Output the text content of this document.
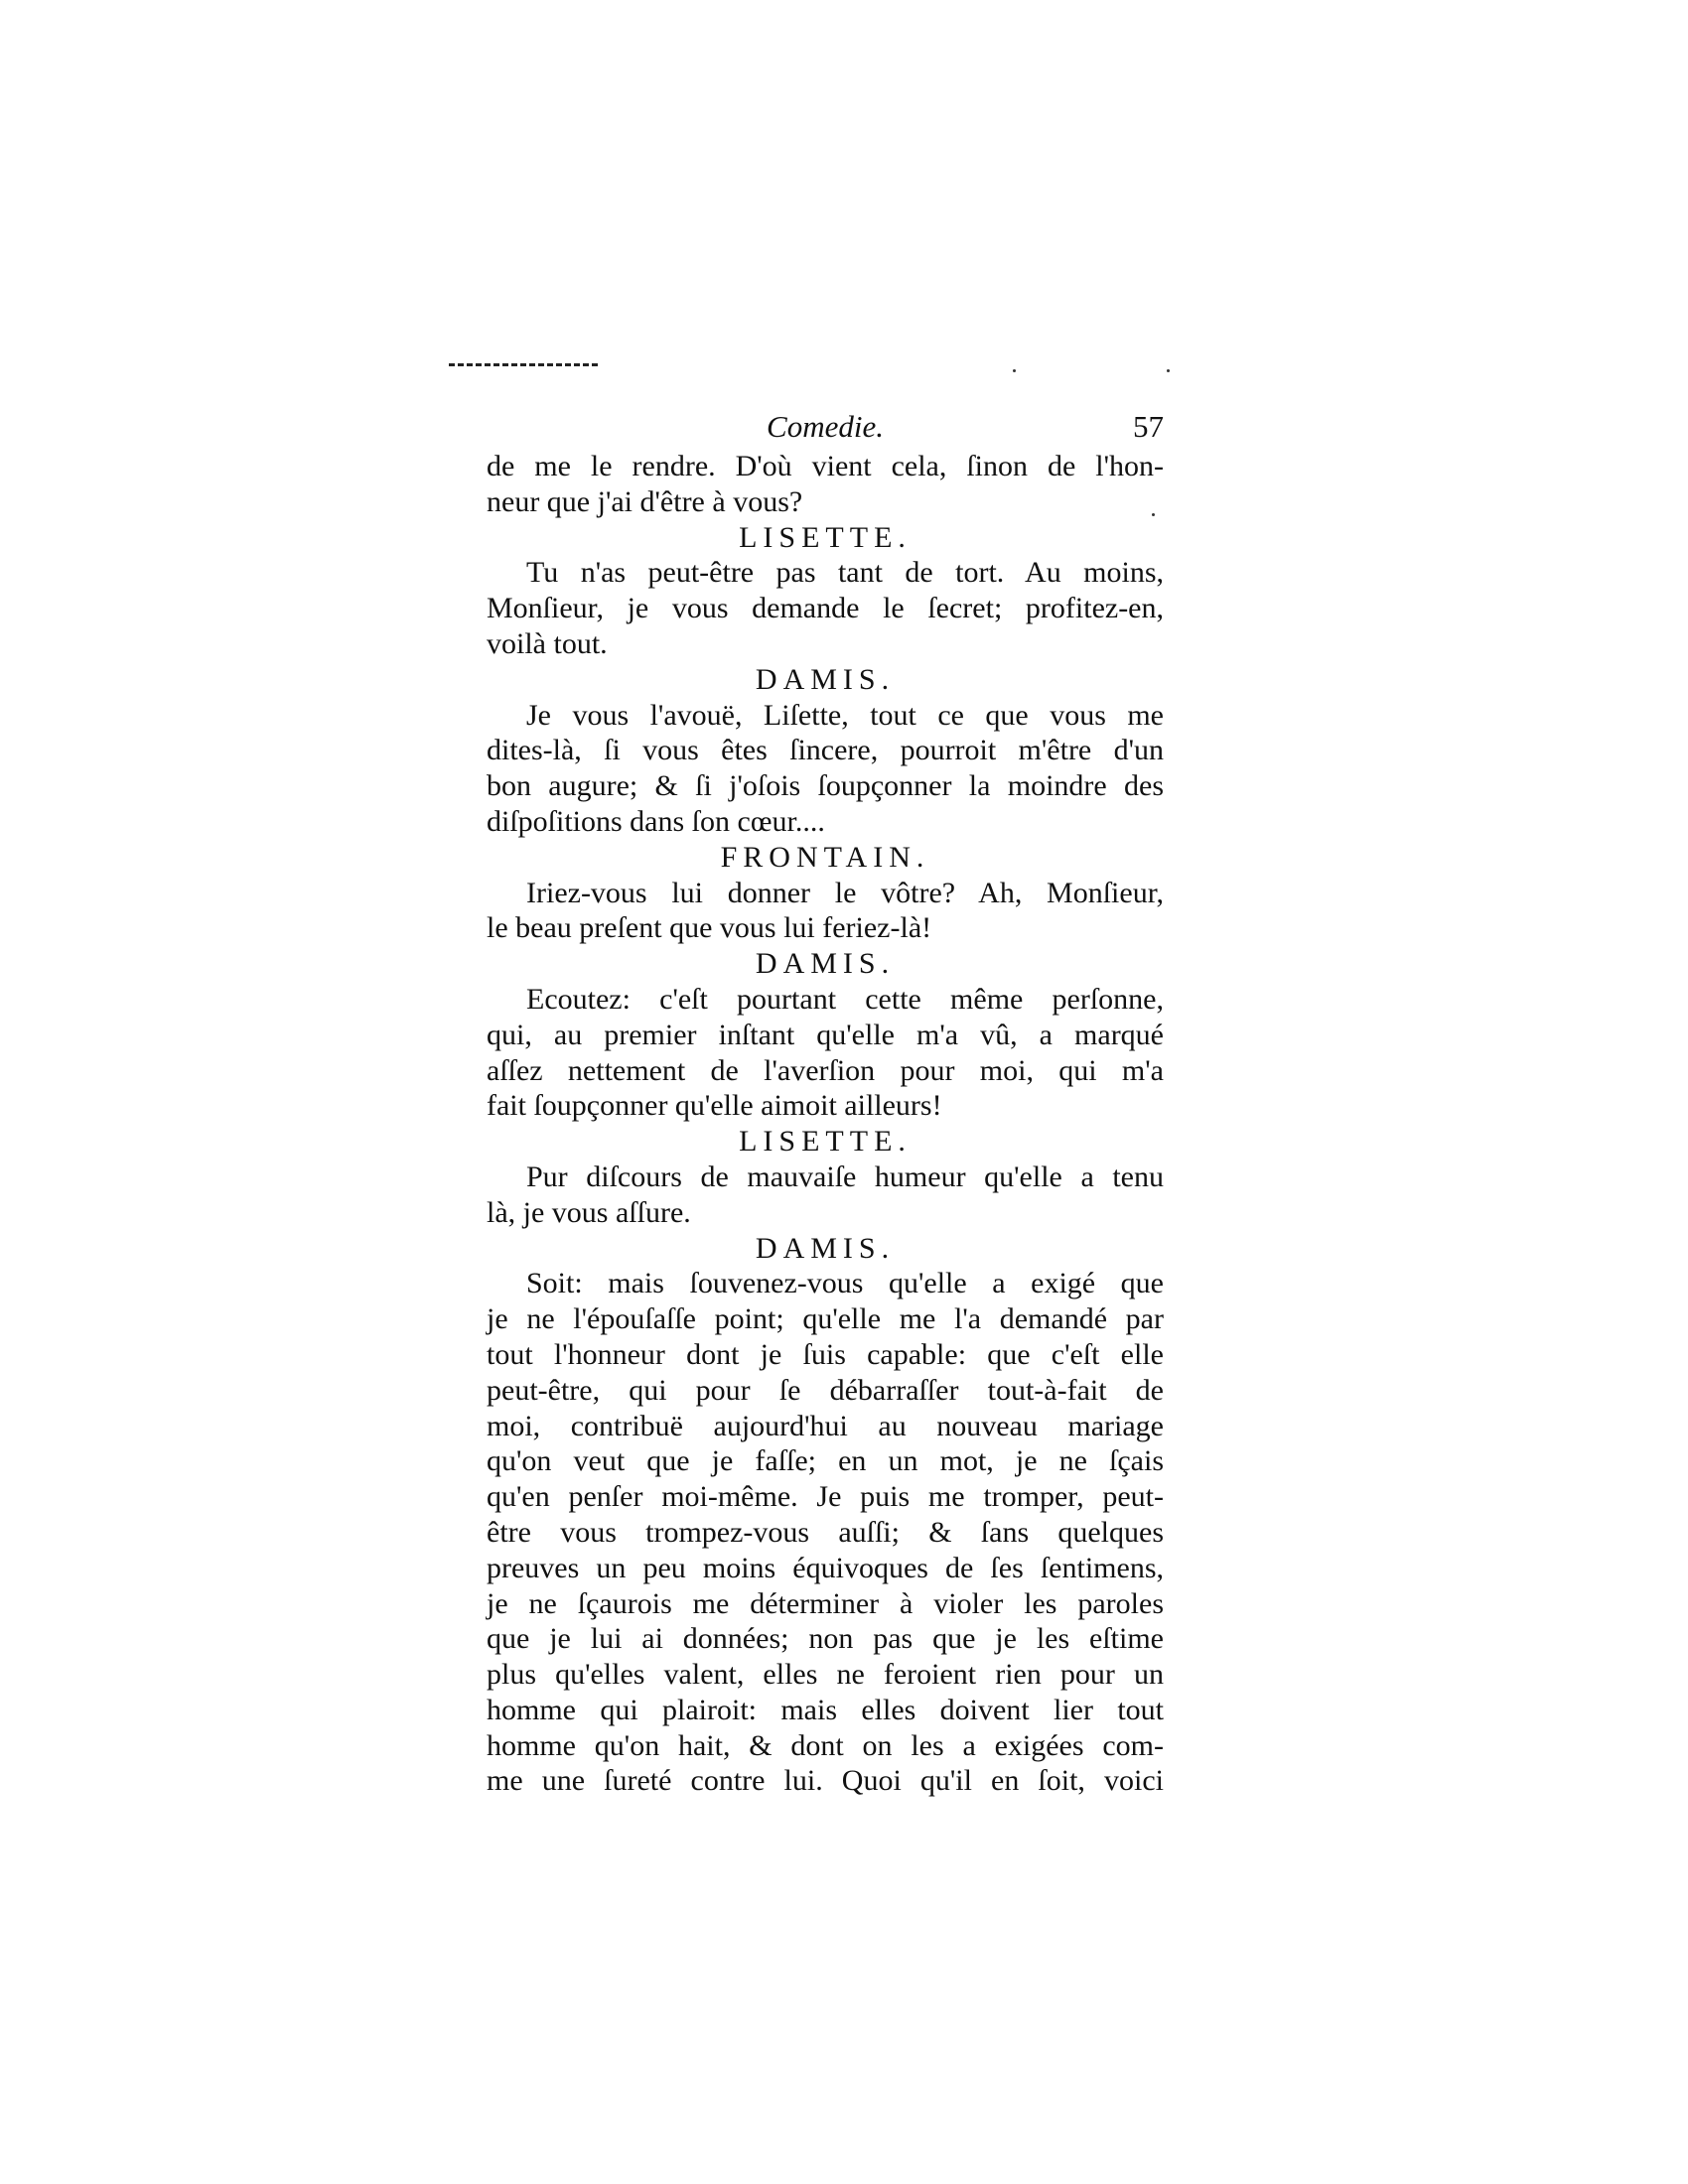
Comedie.	57
de me le rendre. D'où vient cela, ſinon de l'hon-
neur que j'ai d'être à vous?
LISETTE.
Tu n'as peut-être pas tant de tort. Au moins,
Monſieur, je vous demande le ſecret; profitez-en,
voilà tout.
DAMIS.
Je vous l'avouë, Liſette, tout ce que vous me
dites-là, ſi vous êtes ſincere, pourroit m'être d'un
bon augure; & ſi j'oſois ſoupçonner la moindre des
diſpoſitions dans ſon cœur....
FRONTAIN.
Iriez-vous lui donner le vôtre? Ah, Monſieur,
le beau preſent que vous lui feriez-là!
DAMIS.
Ecoutez: c'eſt pourtant cette même perſonne,
qui, au premier inſtant qu'elle m'a vû, a marqué
aſſez nettement de l'averſion pour moi, qui m'a
fait ſoupçonner qu'elle aimoit ailleurs!
LISETTE.
Pur diſcours de mauvaiſe humeur qu'elle a tenu
là, je vous aſſure.
DAMIS.
Soit: mais ſouvenez-vous qu'elle a exigé que
je ne l'épouſaſſe point; qu'elle me l'a demandé par
tout l'honneur dont je ſuis capable: que c'eſt elle
peut-être, qui pour ſe débarraſſer tout-à-fait de
moi, contribuë aujourd'hui au nouveau mariage
qu'on veut que je faſſe; en un mot, je ne ſçais
qu'en penſer moi-même. Je puis me tromper, peut-
être vous trompez-vous auſſi; & ſans quelques
preuves un peu moins équivoques de ſes ſentimens,
je ne ſçaurois me déterminer à violer les paroles
que je lui ai données; non pas que je les eſtime
plus qu'elles valent, elles ne feroient rien pour un
homme qui plairoit: mais elles doivent lier tout
homme qu'on hait, & dont on les a exigées com-
me une ſureté contre lui. Quoi qu'il en ſoit, voici
